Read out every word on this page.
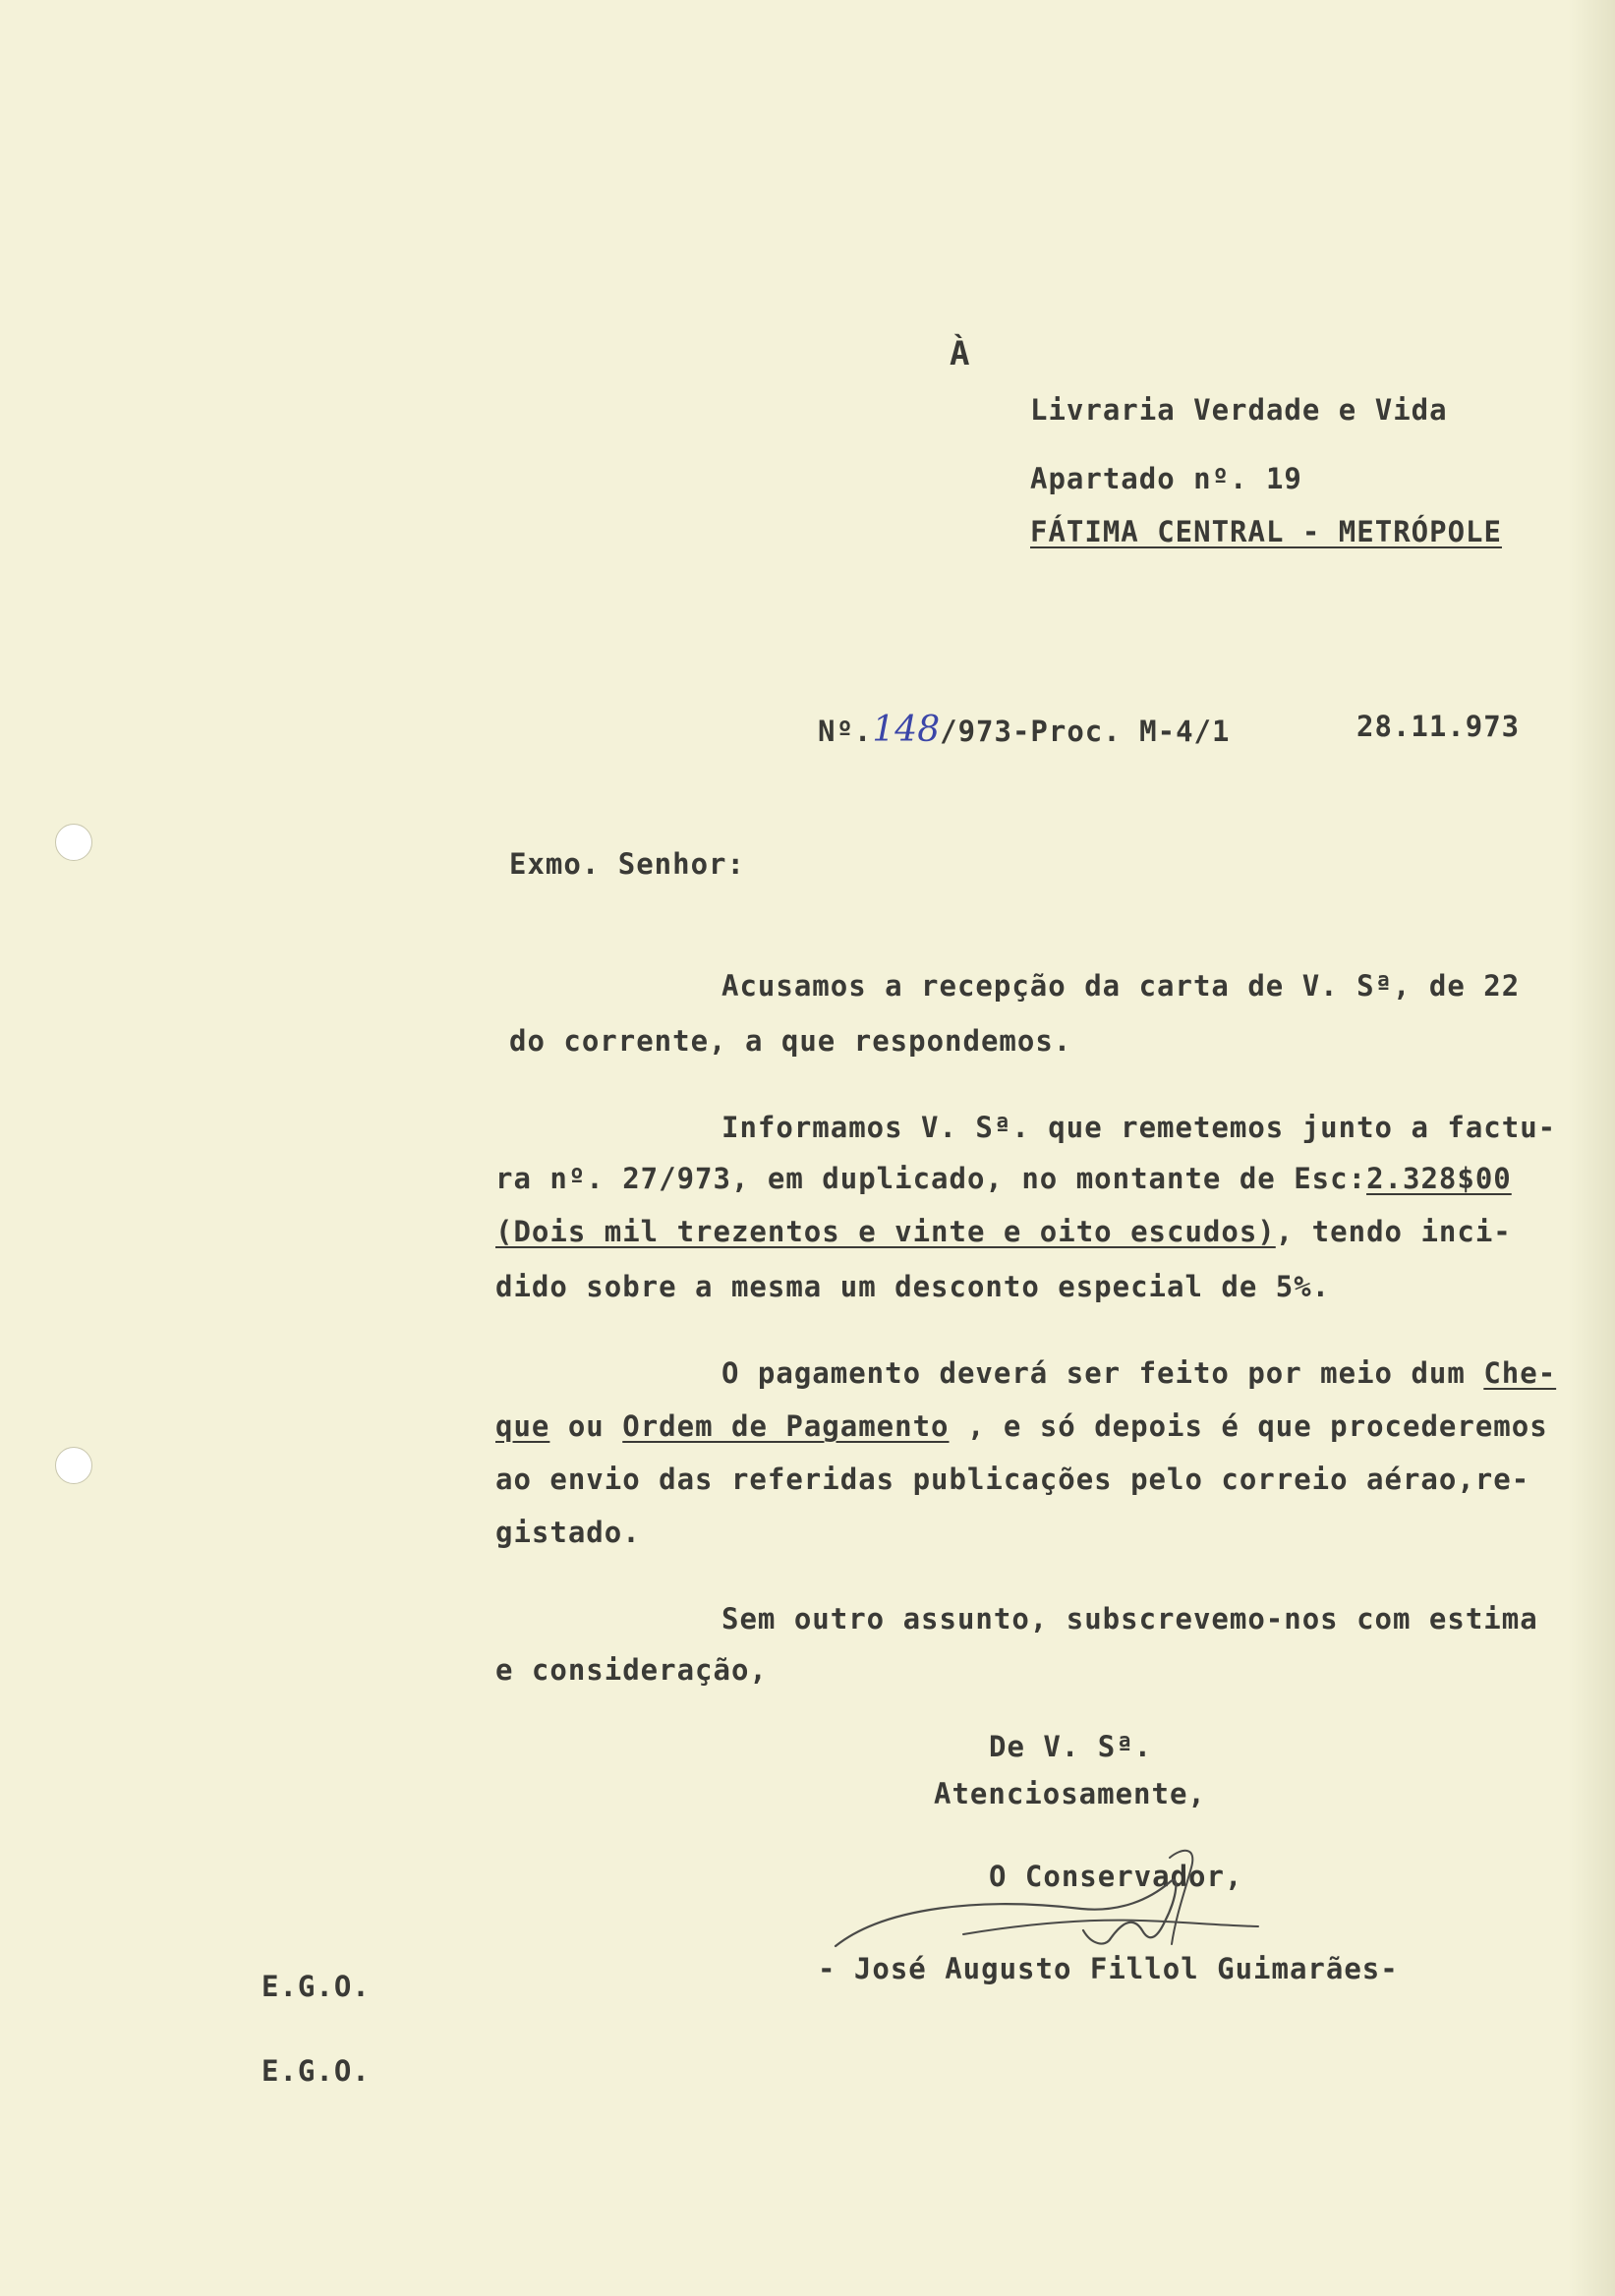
À
Livraria Verdade e Vida
Apartado nº. 19
FÁTIMA CENTRAL - METRÓPOLE
Nº.148/973-Proc. M-4/1	28.11.973
Exmo. Senhor:
Acusamos a recepção da carta de V. Sª, de 22
do corrente, a que respondemos.
Informamos V. Sª. que remetemos junto a factu-
ra nº. 27/973, em duplicado, no montante de Esc:2.328$00
(Dois mil trezentos e vinte e oito escudos), tendo inci-
dido sobre a mesma um desconto especial de 5%.
O pagamento deverá ser feito por meio dum Che-
que ou Ordem de Pagamento , e só depois é que procederemos
ao envio das referidas publicações pelo correio aérao,re-
gistado.
Sem outro assunto, subscrevemo-nos com estima
e consideração,
De V. Sª.
Atenciosamente,
O Conservador,
- José Augusto Fillol Guimarães-
E.G.O.
E.G.O.
